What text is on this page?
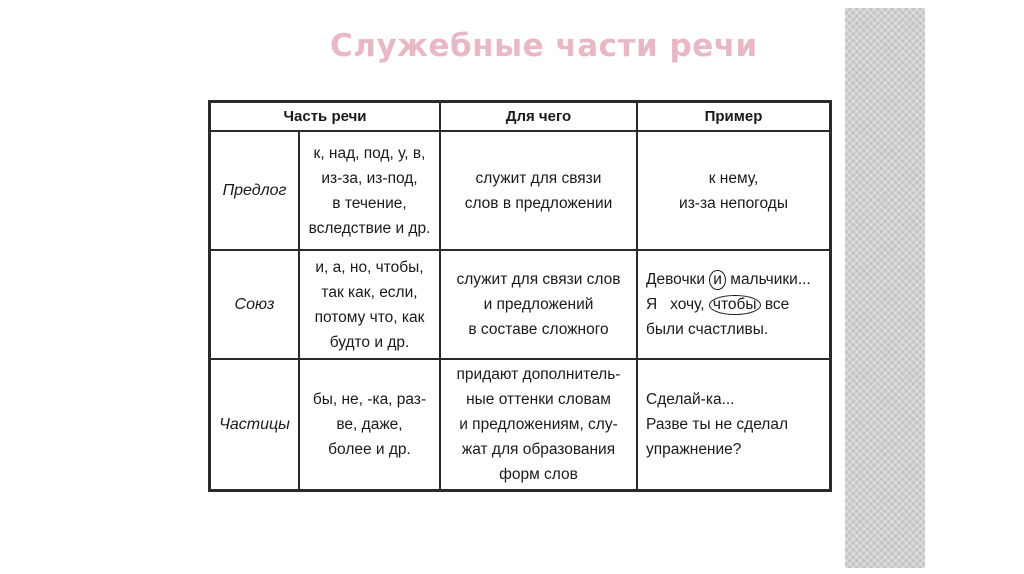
Служебные части речи
Часть речи	Для чего	Пример
Предлог
к, над, под, у, в,
из-за, из-под,
в течение,
вследствие и др.
служит для связи
слов в предложении
к нему,
из-за непогоды
Союз
и, а, но, чтобы,
так как, если,
потому что, как
будто и др.
служит для связи слов
и предложений
в составе сложного
Девочки и мальчики...
Я   хочу, чтобы все
были счастливы.
Частицы
бы, не, -ка, раз-
ве, даже,
более и др.
придают дополнитель-
ные оттенки словам
и предложениям, слу-
жат для образования
форм слов
Сделай-ка...
Разве ты не сделал
упражнение?
